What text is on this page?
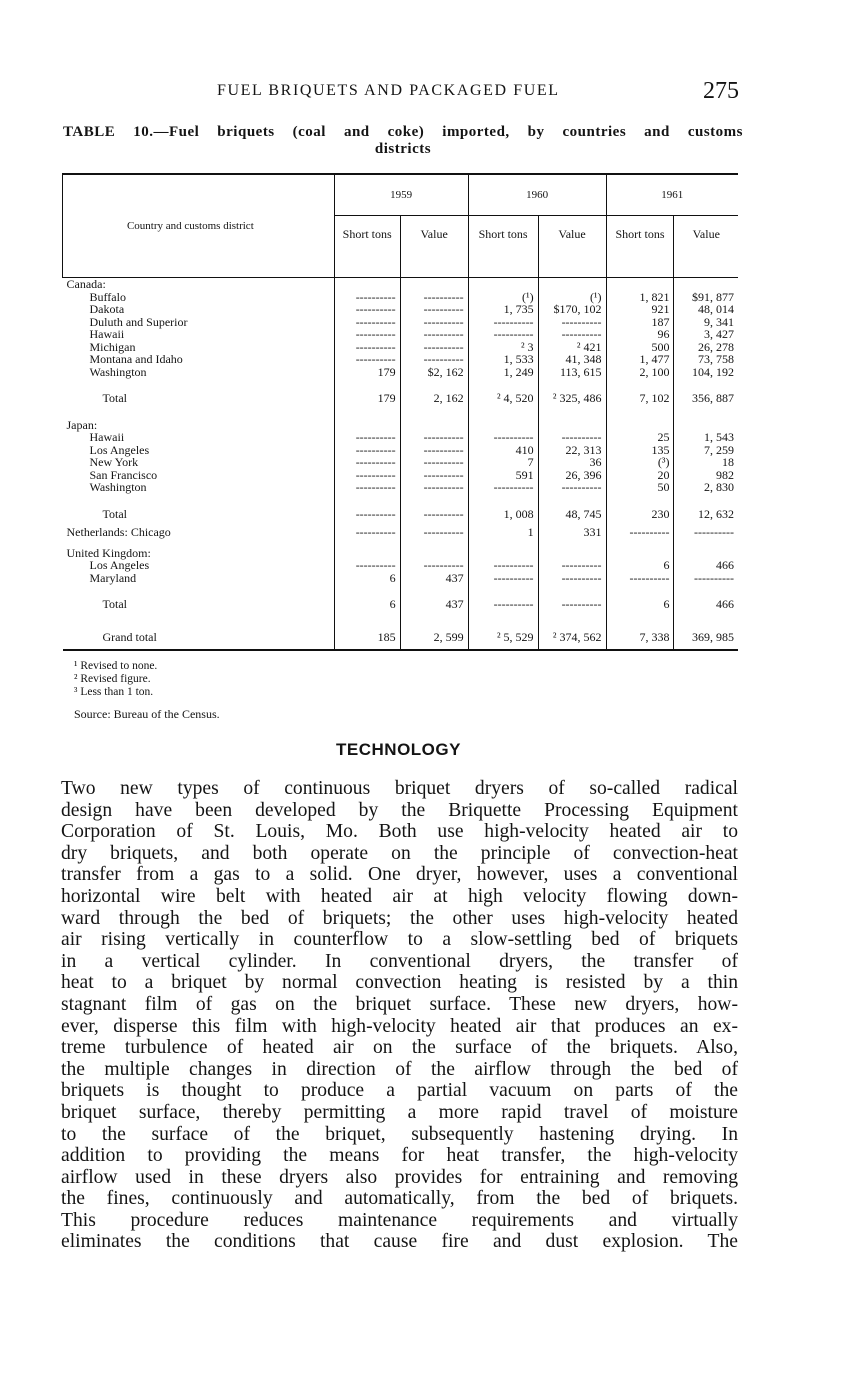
FUEL BRIQUETS AND PACKAGED FUEL	275
TABLE 10.—Fuel briquets (coal and coke) imported, by countries and customs
districts
Country and customs district	1959		1960		1961	
	Short tons	Value	Short tons	Value	Short tons	Value
Canada:						
Buffalo	----------	----------	(¹)	(¹)	1, 821	$91, 877
Dakota	----------	----------	1, 735	$170, 102	921	48, 014
Duluth and Superior	----------	----------	----------	----------	187	9, 341
Hawaii	----------	----------	----------	----------	96	3, 427
Michigan	----------	----------	² 3	² 421	500	26, 278
Montana and Idaho	----------	----------	1, 533	41, 348	1, 477	73, 758
Washington	179	$2, 162	1, 249	113, 615	2, 100	104, 192

Total	179	2, 162	² 4, 520	² 325, 486	7, 102	356, 887

Japan:						
Hawaii	----------	----------	----------	----------	25	1, 543
Los Angeles	----------	----------	410	22, 313	135	7, 259
New York	----------	----------	7	36	(³)	18
San Francisco	----------	----------	591	26, 396	20	982
Washington	----------	----------	----------	----------	50	2, 830

Total	----------	----------	1, 008	48, 745	230	12, 632
Netherlands: Chicago	----------	----------	1	331	----------	----------

United Kingdom:						
Los Angeles	----------	----------	----------	----------	6	466
Maryland	6	437	----------	----------	----------	----------

Total	6	437	----------	----------	6	466

Grand total	185	2, 599	² 5, 529	² 374, 562	7, 338	369, 985
¹ Revised to none.
² Revised figure.
³ Less than 1 ton.
Source: Bureau of the Census.
TECHNOLOGY
Two new types of continuous briquet dryers of so-called radical
design have been developed by the Briquette Processing Equipment
Corporation of St. Louis, Mo. Both use high-velocity heated air to
dry briquets, and both operate on the principle of convection-heat
transfer from a gas to a solid. One dryer, however, uses a conventional
horizontal wire belt with heated air at high velocity flowing down-
ward through the bed of briquets; the other uses high-velocity heated
air rising vertically in counterflow to a slow-settling bed of briquets
in a vertical cylinder. In conventional dryers, the transfer of
heat to a briquet by normal convection heating is resisted by a thin
stagnant film of gas on the briquet surface. These new dryers, how-
ever, disperse this film with high-velocity heated air that produces an ex-
treme turbulence of heated air on the surface of the briquets. Also,
the multiple changes in direction of the airflow through the bed of
briquets is thought to produce a partial vacuum on parts of the
briquet surface, thereby permitting a more rapid travel of moisture
to the surface of the briquet, subsequently hastening drying. In
addition to providing the means for heat transfer, the high-velocity
airflow used in these dryers also provides for entraining and removing
the fines, continuously and automatically, from the bed of briquets.
This procedure reduces maintenance requirements and virtually
eliminates the conditions that cause fire and dust explosion. The
